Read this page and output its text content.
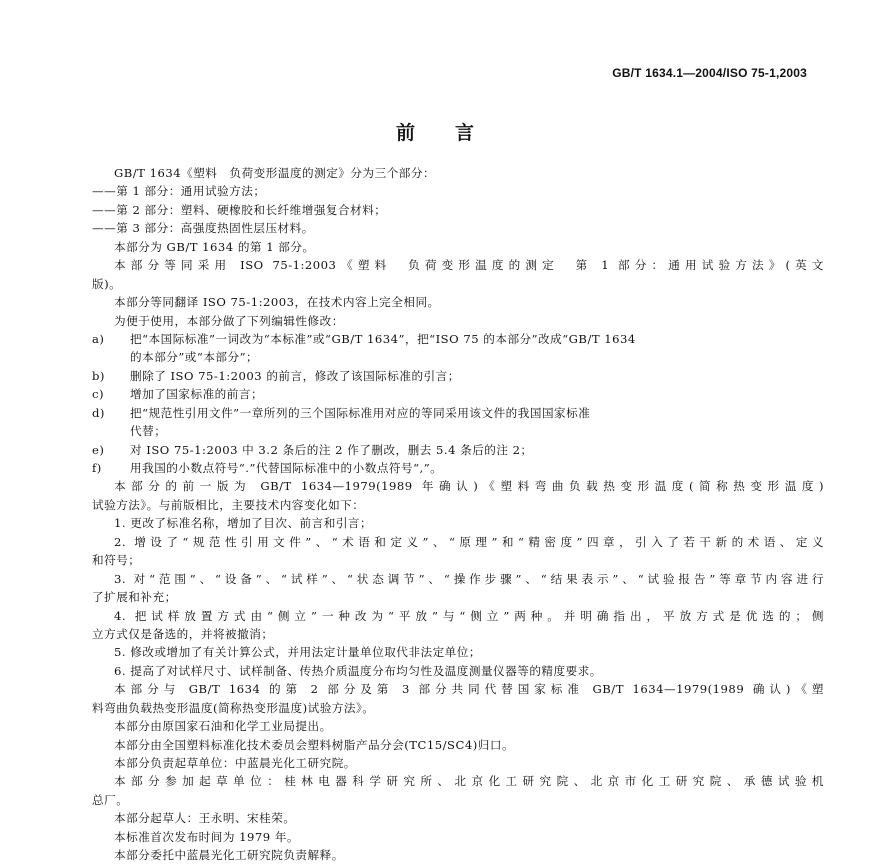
GB/T 1634.1—2004/ISO 75-1,2003
前言
GB/T 1634《塑料　负荷变形温度的测定》分为三个部分：
——第 1 部分：通用试验方法；
——第 2 部分：塑料、硬橡胶和长纤维增强复合材料；
——第 3 部分：高强度热固性层压材料。
本部分为 GB/T 1634 的第 1 部分。
本部分等同采用 ISO 75-1:2003《塑料　负荷变形温度的测定　第 1 部分：通用试验方法》(英文
版)。
本部分等同翻译 ISO 75-1:2003，在技术内容上完全相同。
为便于使用，本部分做了下列编辑性修改：
a) 把“本国际标准”一词改为“本标准”或“GB/T 1634”，把“ISO 75 的本部分”改成“GB/T 1634
的本部分”或“本部分”；
b) 删除了 ISO 75-1:2003 的前言，修改了该国际标准的引言；
c) 增加了国家标准的前言；
d) 把“规范性引用文件”一章所列的三个国际标准用对应的等同采用该文件的我国国家标准
代替；
e) 对 ISO 75-1:2003 中 3.2 条后的注 2 作了删改，删去 5.4 条后的注 2；
f) 用我国的小数点符号“.”代替国际标准中的小数点符号“,”。
本部分的前一版为 GB/T 1634—1979(1989 年确认)《塑料弯曲负载热变形温度(简称热变形温度)
试验方法》。与前版相比，主要技术内容变化如下：
1. 更改了标准名称，增加了目次、前言和引言；
2. 增设了“规范性引用文件”、“术语和定义”、“原理”和“精密度”四章，引入了若干新的术语、定义
和符号；
3. 对“范围”、“设备”、“试样”、“状态调节”、“操作步骤”、“结果表示”、“试验报告”等章节内容进行
了扩展和补充；
4. 把试样放置方式由“侧立”一种改为“平放”与“侧立”两种。并明确指出，平放方式是优选的；侧
立方式仅是备选的，并将被撤消；
5. 修改或增加了有关计算公式，并用法定计量单位取代非法定单位；
6. 提高了对试样尺寸、试样制备、传热介质温度分布均匀性及温度测量仪器等的精度要求。
本部分与 GB/T 1634 的第 2 部分及第 3 部分共同代替国家标准 GB/T 1634—1979(1989 确认)《塑
料弯曲负载热变形温度(简称热变形温度)试验方法》。
本部分由原国家石油和化学工业局提出。
本部分由全国塑料标准化技术委员会塑料树脂产品分会(TC15/SC4)归口。
本部分负责起草单位：中蓝晨光化工研究院。
本部分参加起草单位：桂林电器科学研究所、北京化工研究院、北京市化工研究院、承德试验机
总厂。
本部分起草人：王永明、宋桂荣。
本标准首次发布时间为 1979 年。
本部分委托中蓝晨光化工研究院负责解释。
